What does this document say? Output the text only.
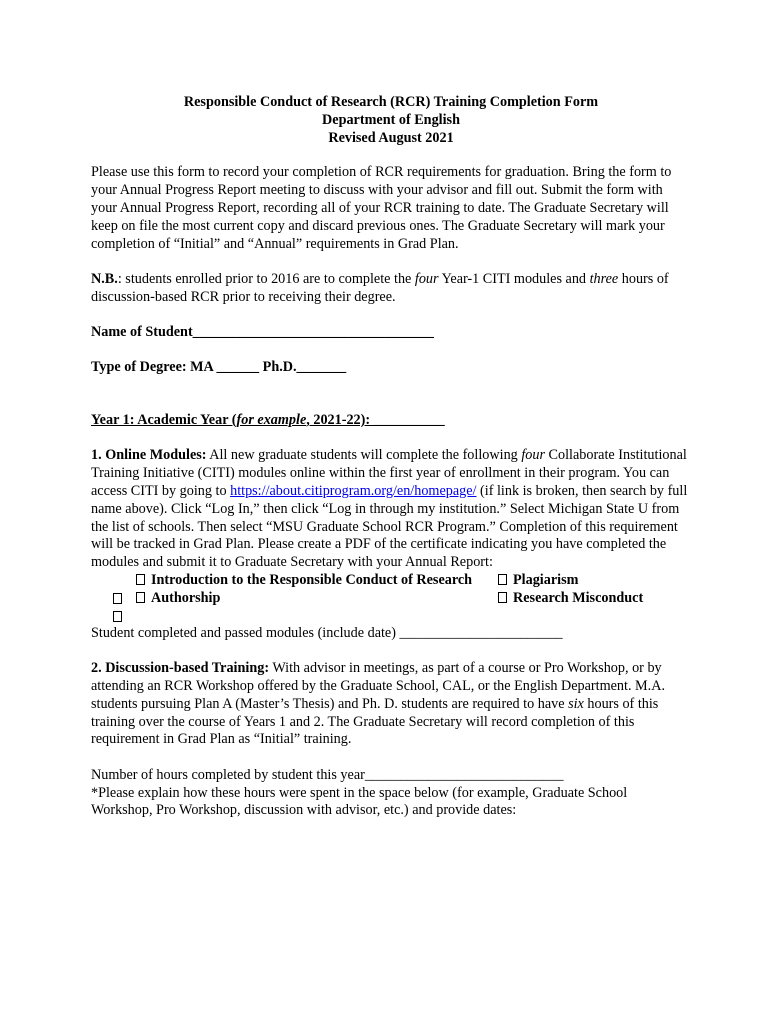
Responsible Conduct of Research (RCR) Training Completion Form
Department of English
Revised August 2021

Please use this form to record your completion of RCR requirements for graduation. Bring the form to your Annual Progress Report meeting to discuss with your advisor and fill out. Submit the form with your Annual Progress Report, recording all of your RCR training to date. The Graduate Secretary will keep on file the most current copy and discard previous ones. The Graduate Secretary will mark your completion of “Initial” and “Annual” requirements in Grad Plan.

N.B.: students enrolled prior to 2016 are to complete the four Year-1 CITI modules and three hours of discussion-based RCR prior to receiving their degree.

Name of Student__________________________________

Type of Degree: MA ______ Ph.D._______

Year 1: Academic Year (for example, 2021-22): __________

1. Online Modules: All new graduate students will complete the following four Collaborate Institutional Training Initiative (CITI) modules online within the first year of enrollment in their program. You can access CITI by going to https://about.citiprogram.org/en/homepage/ (if link is broken, then search by full name above). Click “Log In,” then click “Log in through my institution.” Select Michigan State U from the list of schools. Then select “MSU Graduate School RCR Program.” Completion of this requirement will be tracked in Grad Plan. Please create a PDF of the certificate indicating you have completed the modules and submit it to Graduate Secretary with your Annual Report:

Introduction to the Responsible Conduct of Research	Plagiarism
Authorship	Research Misconduct

Student completed and passed modules (include date) _______________________

2. Discussion-based Training: With advisor in meetings, as part of a course or Pro Workshop, or by attending an RCR Workshop offered by the Graduate School, CAL, or the English Department. M.A. students pursuing Plan A (Master’s Thesis) and Ph. D. students are required to have six hours of this training over the course of Years 1 and 2. The Graduate Secretary will record completion of this requirement in Grad Plan as “Initial” training.

Number of hours completed by student this year____________________________

*Please explain how these hours were spent in the space below (for example, Graduate School Workshop, Pro Workshop, discussion with advisor, etc.) and provide dates:
